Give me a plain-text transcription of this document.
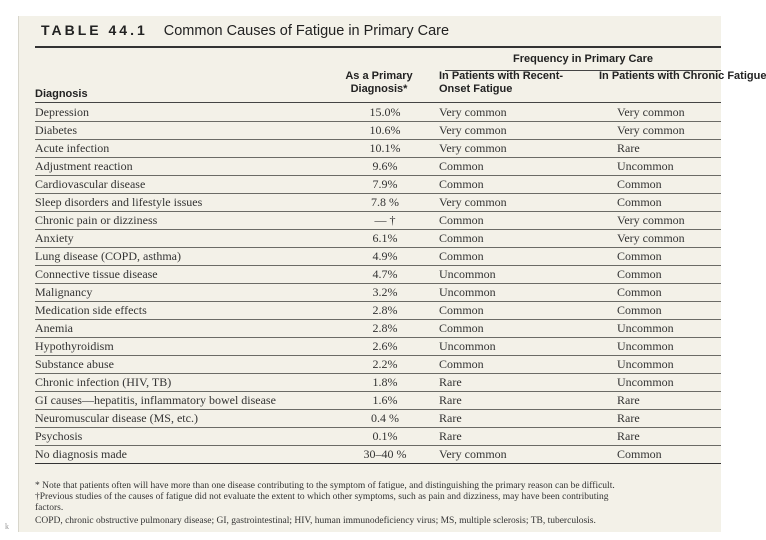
TABLE 44.1 Common Causes of Fatigue in Primary Care
Frequency in Primary Care
Diagnosis
As a Primary Diagnosis*
In Patients with Recent-Onset Fatigue
In Patients with Chronic Fatigue
Depression	15.0%	Very common	Very common
Diabetes	10.6%	Very common	Very common
Acute infection	10.1%	Very common	Rare
Adjustment reaction	9.6%	Common	Uncommon
Cardiovascular disease	7.9%	Common	Common
Sleep disorders and lifestyle issues	7.8 %	Very common	Common
Chronic pain or dizziness	— †	Common	Very common
Anxiety	6.1%	Common	Very common
Lung disease (COPD, asthma)	4.9%	Common	Common
Connective tissue disease	4.7%	Uncommon	Common
Malignancy	3.2%	Uncommon	Common
Medication side effects	2.8%	Common	Common
Anemia	2.8%	Common	Uncommon
Hypothyroidism	2.6%	Uncommon	Uncommon
Substance abuse	2.2%	Common	Uncommon
Chronic infection (HIV, TB)	1.8%	Rare	Uncommon
GI causes—hepatitis, inflammatory bowel disease	1.6%	Rare	Rare
Neuromuscular disease (MS, etc.)	0.4 %	Rare	Rare
Psychosis	0.1%	Rare	Rare
No diagnosis made	30–40 %	Very common	Common
* Note that patients often will have more than one disease contributing to the symptom of fatigue, and distinguishing the primary reason can be difficult.
†Previous studies of the causes of fatigue did not evaluate the extent to which other symptoms, such as pain and dizziness, may have been contributing
factors.
COPD, chronic obstructive pulmonary disease; GI, gastrointestinal; HIV, human immunodeficiency virus; MS, multiple sclerosis; TB, tuberculosis.
k
